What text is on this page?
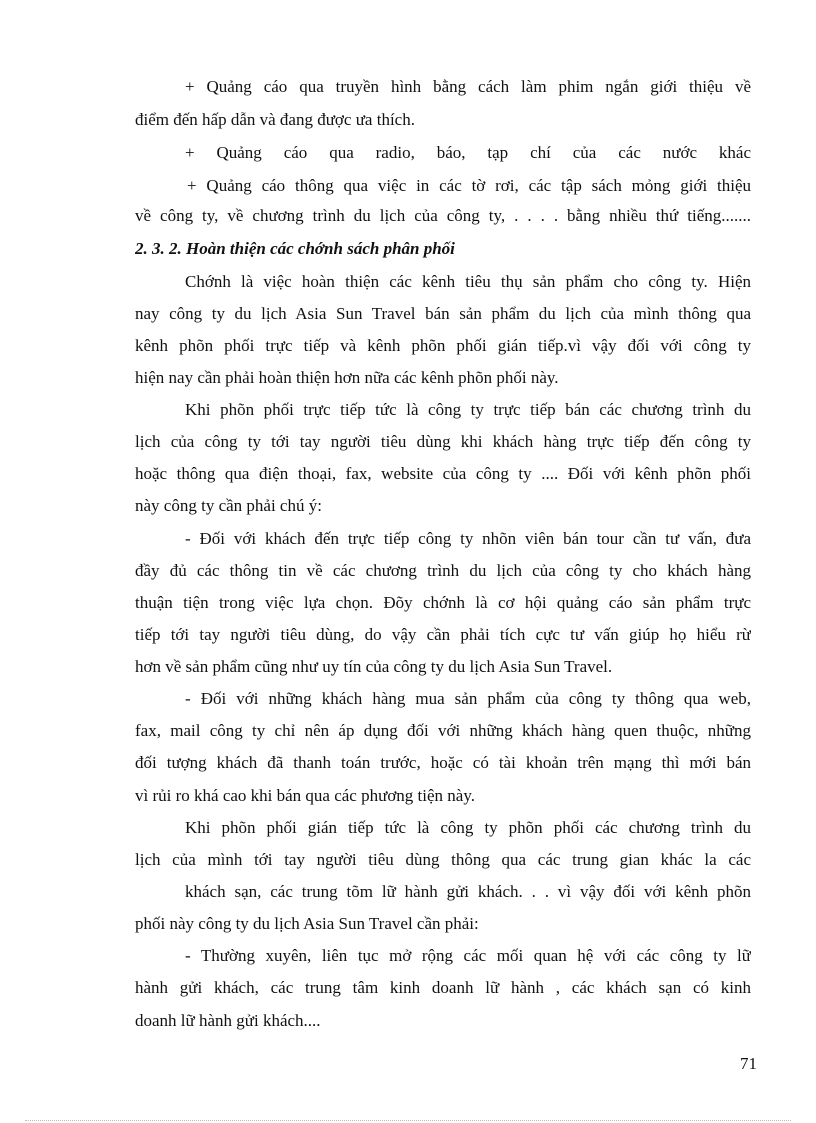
+ Quảng cáo qua truyền hình bằng cách làm phim ngắn giới thiệu về
điểm đến hấp dẫn và đang được ưa thích.
+ Quảng cáo qua radio, báo, tạp chí của các nước khác
+ Quảng cáo thông qua việc in các tờ rơi, các tập sách mỏng giới thiệu
về công ty, về chương trình du lịch của công ty, . . . . bằng nhiều thứ tiếng.......
2. 3. 2. Hoàn thiện các chớnh sách phân phối
Chớnh là việc hoàn thiện các kênh tiêu thụ sản phẩm cho công ty. Hiện
nay công ty du lịch Asia Sun Travel bán sản phẩm du lịch của mình thông qua
kênh phõn phối trực tiếp và kênh phõn phối gián tiếp.vì vậy đối với công ty
hiện nay cần phải hoàn thiện hơn nữa các kênh phõn phối này.
Khi phõn phối trực tiếp tức là công ty trực tiếp bán các chương trình du
lịch của công ty tới tay người tiêu dùng khi khách hàng trực tiếp đến công ty
hoặc thông qua điện thoại, fax, website của công ty .... Đối với kênh phõn phối
này công ty cần phải chú ý:
- Đối với khách đến trực tiếp công ty nhõn viên bán tour cần tư vấn, đưa
đầy đủ các thông tin về các chương trình du lịch của công ty cho khách hàng
thuận tiện trong việc lựa chọn. Đõy chớnh là cơ hội quảng cáo sản phẩm trực
tiếp tới tay người tiêu dùng, do vậy cần phải tích cực tư vấn giúp họ hiểu rừ
hơn về sản phẩm cũng như uy tín của công ty du lịch Asia Sun Travel.
- Đối với những khách hàng mua sản phẩm của công ty thông qua web,
fax, mail công ty chỉ nên áp dụng đối với những khách hàng quen thuộc, những
đối tượng khách đã thanh toán trước, hoặc có tài khoản trên mạng thì mới bán
vì rủi ro khá cao khi bán qua các phương tiện này.
Khi phõn phối gián tiếp tức là công ty phõn phối các chương trình du
lịch của mình tới tay người tiêu dùng thông qua các trung gian khác la các
khách sạn, các trung tõm lữ hành gửi khách. . . vì vậy đối với kênh phõn
phối này công ty du lịch Asia Sun Travel cần phải:
- Thường xuyên, liên tục mở rộng các mối quan hệ với các công ty lữ
hành gửi khách, các trung tâm kinh doanh lữ hành , các khách sạn có kinh
doanh lữ hành gửi khách....
71
